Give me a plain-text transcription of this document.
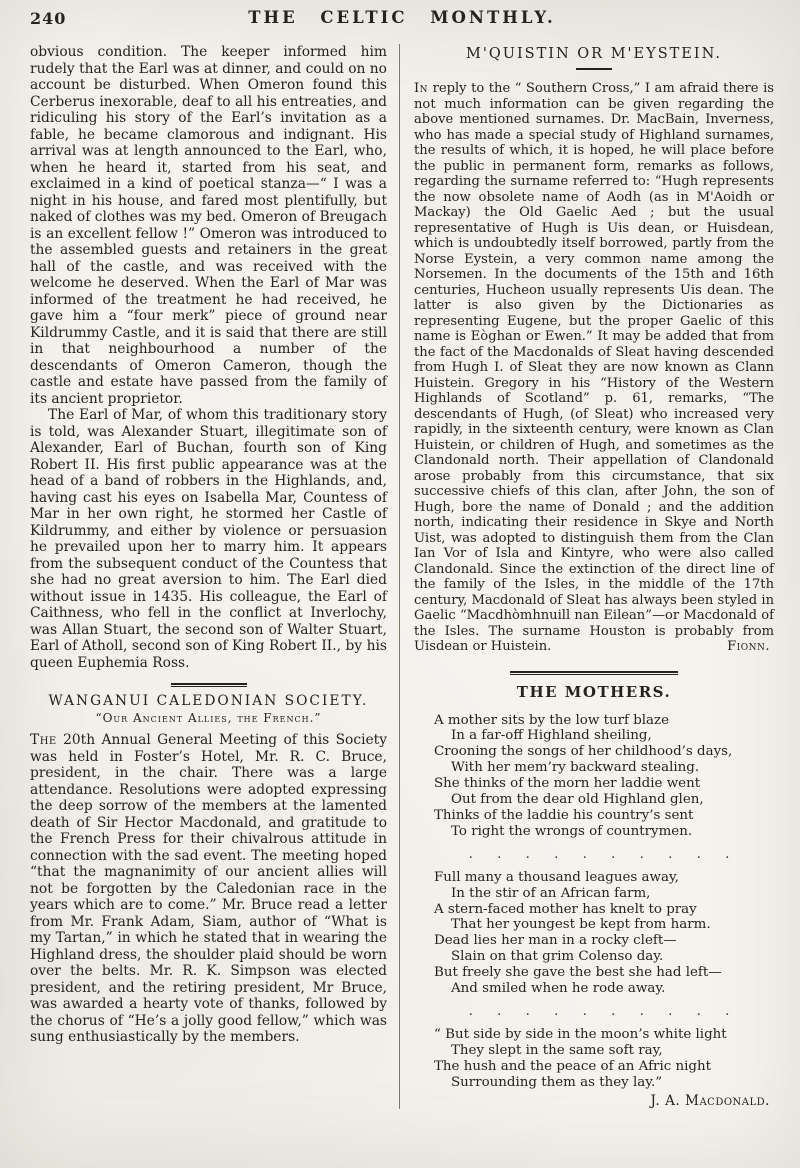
240	THE CELTIC MONTHLY.

obvious condition. The keeper informed him rudely that the Earl was at dinner, and could on no account be disturbed. When Omeron found this Cerberus inexorable, deaf to all his entreaties, and ridiculing his story of the Earl’s invitation as a fable, he became clamorous and indignant. His arrival was at length announced to the Earl, who, when he heard it, started from his seat, and exclaimed in a kind of poetical stanza—“ I was a night in his house, and fared most plentifully, but naked of clothes was my bed. Omeron of Breugach is an excellent fellow !” Omeron was introduced to the assembled guests and retainers in the great hall of the castle, and was received with the welcome he deserved. When the Earl of Mar was informed of the treatment he had received, he gave him a “four merk” piece of ground near Kildrummy Castle, and it is said that there are still in that neighbourhood a number of the descendants of Omeron Cameron, though the castle and estate have passed from the family of its ancient proprietor.

The Earl of Mar, of whom this traditionary story is told, was Alexander Stuart, illegitimate son of Alexander, Earl of Buchan, fourth son of King Robert II. His first public appearance was at the head of a band of robbers in the Highlands, and, having cast his eyes on Isabella Mar, Countess of Mar in her own right, he stormed her Castle of Kildrummy, and either by violence or persuasion he prevailed upon her to marry him. It appears from the subsequent conduct of the Countess that she had no great aversion to him. The Earl died without issue in 1435. His colleague, the Earl of Caithness, who fell in the conflict at Inverlochy, was Allan Stuart, the second son of Walter Stuart, Earl of Atholl, second son of King Robert II., by his queen Euphemia Ross.

WANGANUI CALEDONIAN SOCIETY.
“Our Ancient Allies, the French.”

The 20th Annual General Meeting of this Society was held in Foster’s Hotel, Mr. R. C. Bruce, president, in the chair. There was a large attendance. Resolutions were adopted expressing the deep sorrow of the members at the lamented death of Sir Hector Macdonald, and gratitude to the French Press for their chivalrous attitude in connection with the sad event. The meeting hoped “that the magnanimity of our ancient allies will not be forgotten by the Caledonian race in the years which are to come.” Mr. Bruce read a letter from Mr. Frank Adam, Siam, author of “What is my Tartan,” in which he stated that in wearing the Highland dress, the shoulder plaid should be worn over the belts. Mr. R. K. Simpson was elected president, and the retiring president, Mr Bruce, was awarded a hearty vote of thanks, followed by the chorus of “He’s a jolly good fellow,” which was sung enthusiastically by the members.

M'QUISTIN OR M'EYSTEIN.

In reply to the “ Southern Cross,” I am afraid there is not much information can be given regarding the above mentioned surnames. Dr. MacBain, Inverness, who has made a special study of Highland surnames, the results of which, it is hoped, he will place before the public in permanent form, remarks as follows, regarding the surname referred to: “Hugh represents the now obsolete name of Aodh (as in M'Aoidh or Mackay) the Old Gaelic Aed ; but the usual representative of Hugh is Uis dean, or Huisdean, which is undoubtedly itself borrowed, partly from the Norse Eystein, a very common name among the Norsemen. In the documents of the 15th and 16th centuries, Hucheon usually represents Uis dean. The latter is also given by the Dictionaries as representing Eugene, but the proper Gaelic of this name is Eòghan or Ewen.” It may be added that from the fact of the Macdonalds of Sleat having descended from Hugh I. of Sleat they are now known as Clann Huistein. Gregory in his “History of the Western Highlands of Scotland” p. 61, remarks, “The descendants of Hugh, (of Sleat) who increased very rapidly, in the sixteenth century, were known as Clan Huistein, or children of Hugh, and sometimes as the Clandonald north. Their appellation of Clandonald arose probably from this circumstance, that six successive chiefs of this clan, after John, the son of Hugh, bore the name of Donald ; and the addition north, indicating their residence in Skye and North Uist, was adopted to distinguish them from the Clan Ian Vor of Isla and Kintyre, who were also called Clandonald. Since the extinction of the direct line of the family of the Isles, in the middle of the 17th century, Macdonald of Sleat has always been styled in Gaelic “Macdhòmhnuill nan Eilean”—or Macdonald of the Isles. The surname Houston is probably from Uisdean or Huistein.	Fionn.

THE MOTHERS.
A mother sits by the low turf blaze
In a far-off Highland sheiling,
Crooning the songs of her childhood’s days,
With her mem’ry backward stealing.
She thinks of the morn her laddie went
Out from the dear old Highland glen,
Thinks of the laddie his country’s sent
To right the wrongs of countrymen.
. . . . . . . . . .
Full many a thousand leagues away,
In the stir of an African farm,
A stern-faced mother has knelt to pray
That her youngest be kept from harm.
Dead lies her man in a rocky cleft—
Slain on that grim Colenso day.
But freely she gave the best she had left—
And smiled when he rode away.
. . . . . . . . . .
“ But side by side in the moon’s white light
They slept in the same soft ray,
The hush and the peace of an Afric night
Surrounding them as they lay.”
J. A. Macdonald.
